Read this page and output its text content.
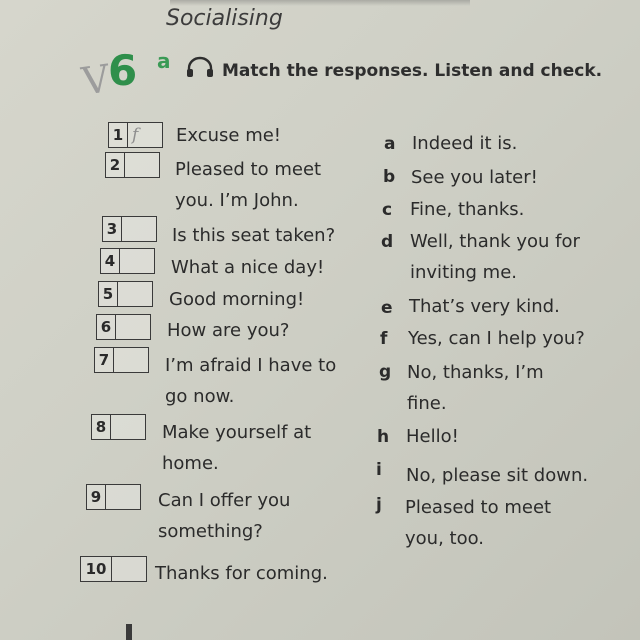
Socialising
V
6 a	Match the responses. Listen and check.
1 f	Excuse me!
2	Pleased to meet
you. I’m John.
3	Is this seat taken?
4	What a nice day!
5	Good morning!
6	How are you?
7	I’m afraid I have to
go now.
8	Make yourself at
home.
9	Can I offer you
something?
10	Thanks for coming.
a Indeed it is.
b See you later!
c Fine, thanks.
d Well, thank you for
inviting me.
e That’s very kind.
f Yes, can I help you?
g No, thanks, I’m
fine.
h Hello!
i No, please sit down.
j Pleased to meet
you, too.
